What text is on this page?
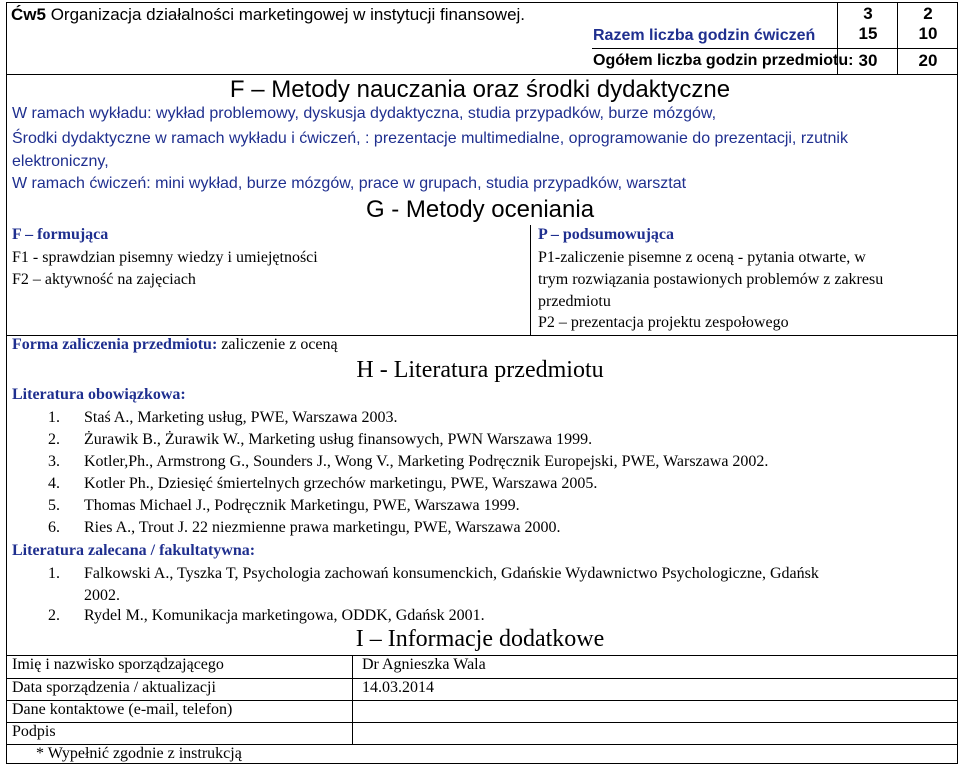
Ćw5 Organizacja działalności marketingowej w instytucji finansowej.
Razem liczba godzin ćwiczeń
3	2
15	10
Ogółem liczba godzin przedmiotu: 30	20
F – Metody nauczania oraz środki dydaktyczne
W ramach wykładu: wykład problemowy, dyskusja dydaktyczna, studia przypadków, burze mózgów,
Środki dydaktyczne w ramach wykładu i ćwiczeń, : prezentacje multimedialne, oprogramowanie do prezentacji, rzutnik
elektroniczny,
W ramach ćwiczeń: mini wykład, burze mózgów, prace w grupach, studia przypadków, warsztat
G - Metody oceniania
F – formująca
F1 - sprawdzian pisemny wiedzy i umiejętności
F2 – aktywność na zajęciach
P – podsumowująca
P1-zaliczenie pisemne z oceną - pytania otwarte, w
trym rozwiązania postawionych problemów z zakresu
przedmiotu
P2 – prezentacja projektu zespołowego
Forma zaliczenia przedmiotu: zaliczenie z oceną
H - Literatura przedmiotu
Literatura obowiązkowa:
1. Staś A., Marketing usług, PWE, Warszawa 2003.
2. Żurawik B., Żurawik W., Marketing usług finansowych, PWN Warszawa 1999.
3. Kotler,Ph., Armstrong G., Sounders J., Wong V., Marketing Podręcznik Europejski, PWE, Warszawa 2002.
4. Kotler Ph., Dziesięć śmiertelnych grzechów marketingu, PWE, Warszawa 2005.
5. Thomas Michael J., Podręcznik Marketingu, PWE, Warszawa 1999.
6. Ries A., Trout J. 22 niezmienne prawa marketingu, PWE, Warszawa 2000.
Literatura zalecana / fakultatywna:
1. Falkowski A., Tyszka T, Psychologia zachowań konsumenckich, Gdańskie Wydawnictwo Psychologiczne, Gdańsk
2002.
2. Rydel M., Komunikacja marketingowa, ODDK, Gdańsk 2001.
I – Informacje dodatkowe
Imię i nazwisko sporządzającego	Dr Agnieszka Wala
Data sporządzenia / aktualizacji	14.03.2014
Dane kontaktowe (e-mail, telefon)
Podpis
* Wypełnić zgodnie z instrukcją
